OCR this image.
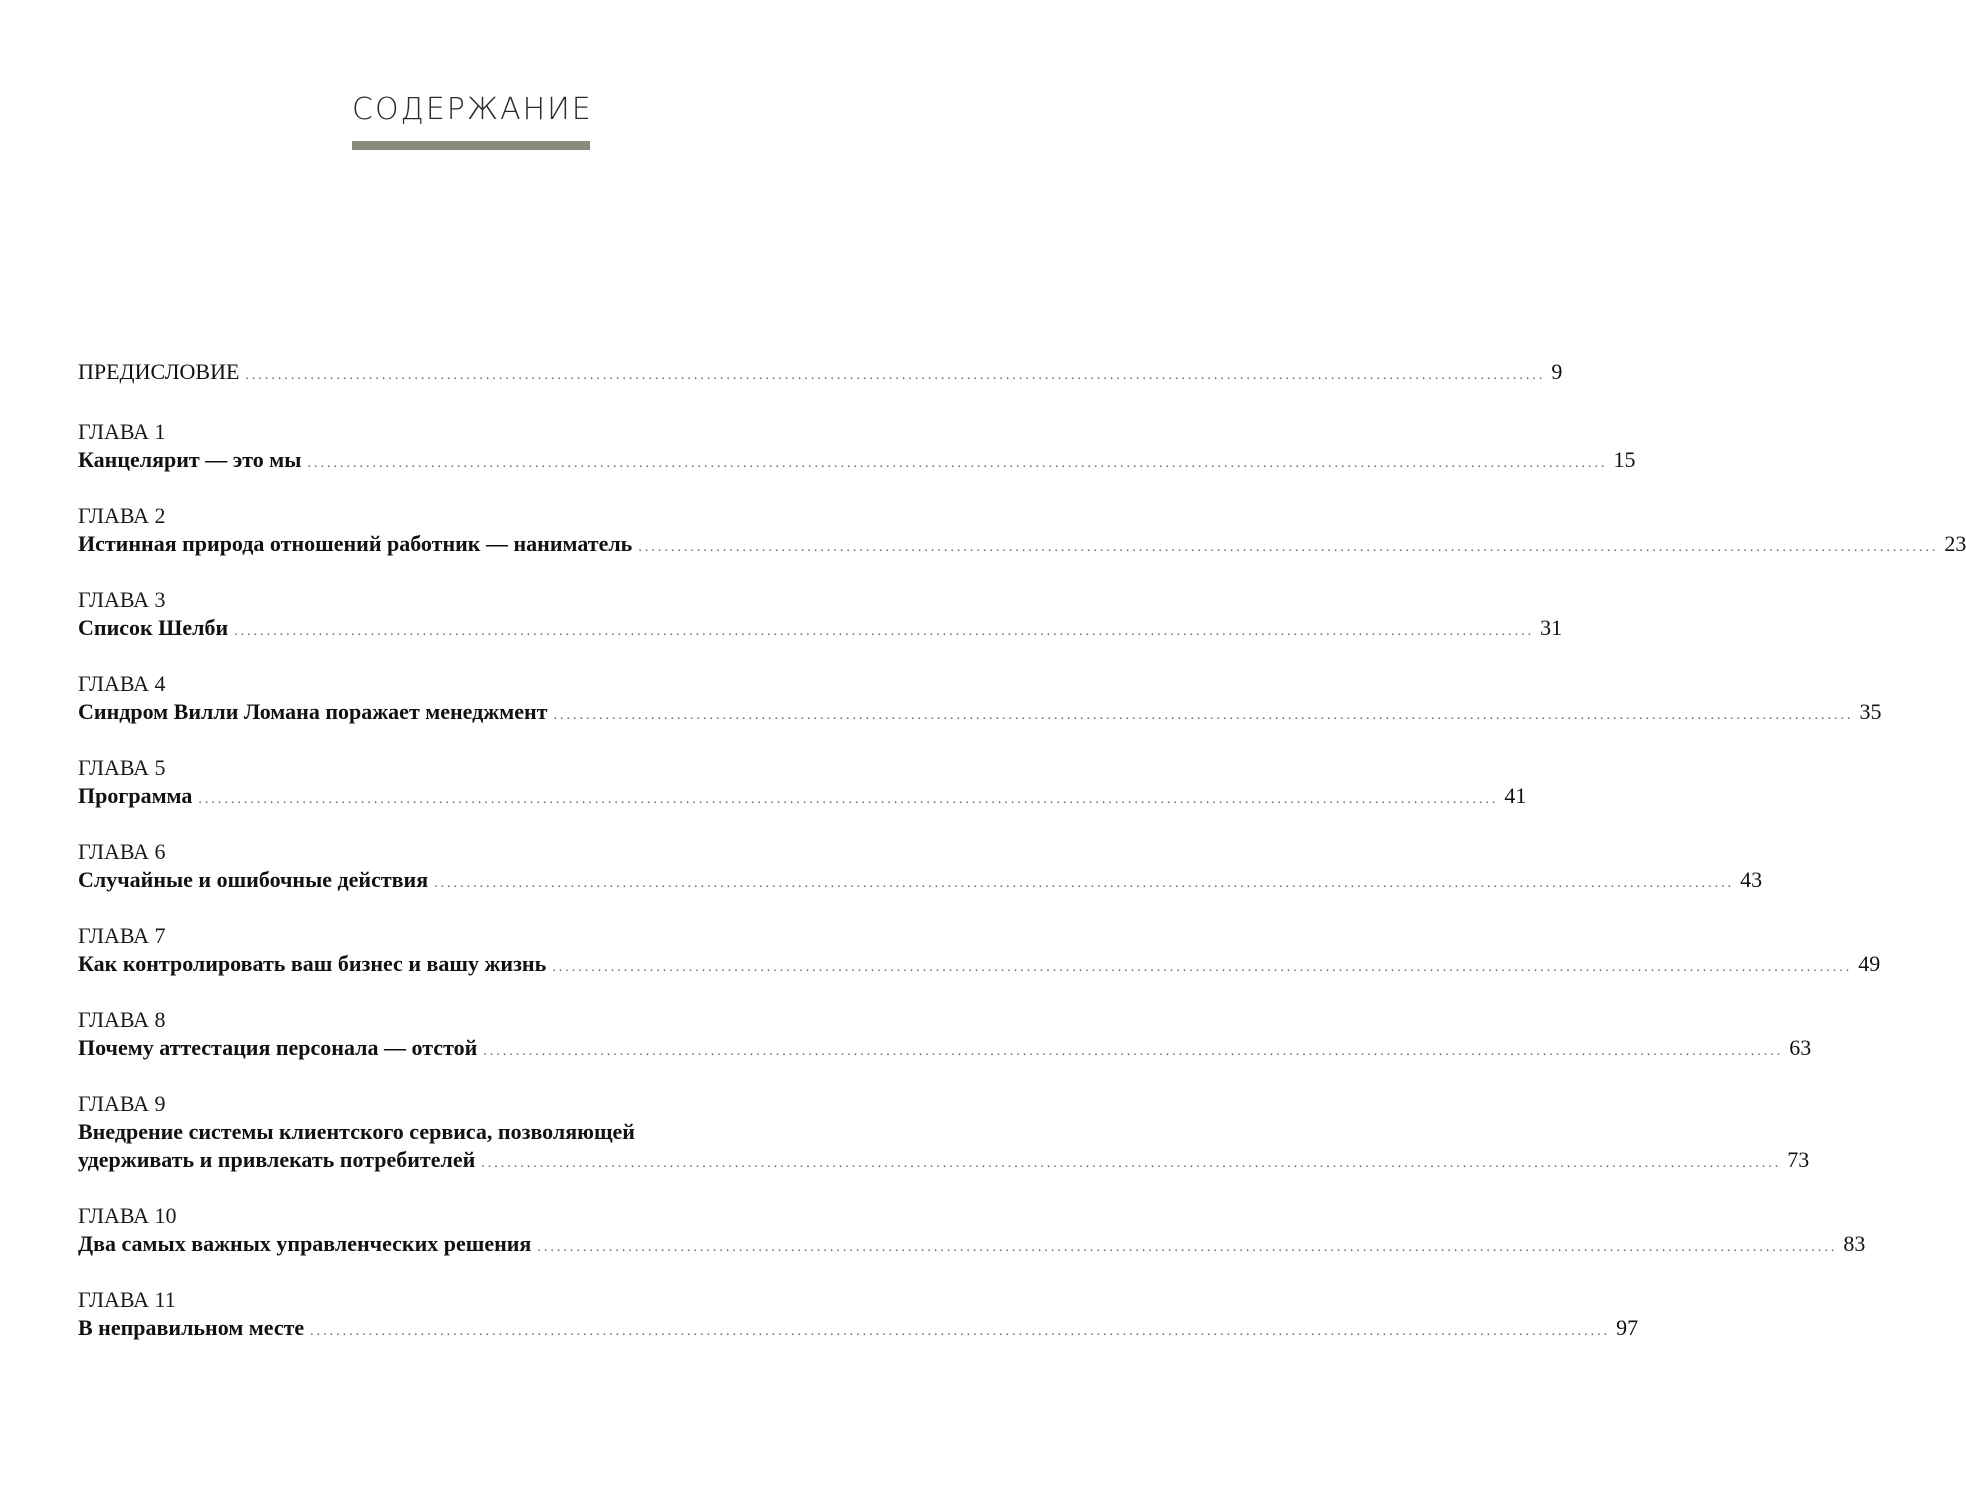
СОДЕРЖАНИЕ
ПРЕДИСЛОВИЕ ........................................................................................................................................................................................................ 9
ГЛАВА 1
Канцелярит — это мы ........................................................................................................................................................................................................ 15
ГЛАВА 2
Истинная природа отношений работник — наниматель ........................................................................................................................................................................................................ 23
ГЛАВА 3
Список Шелби ........................................................................................................................................................................................................ 31
ГЛАВА 4
Синдром Вилли Ломана поражает менеджмент ........................................................................................................................................................................................................ 35
ГЛАВА 5
Программа ........................................................................................................................................................................................................ 41
ГЛАВА 6
Случайные и ошибочные действия ........................................................................................................................................................................................................ 43
ГЛАВА 7
Как контролировать ваш бизнес и вашу жизнь ........................................................................................................................................................................................................ 49
ГЛАВА 8
Почему аттестация персонала — отстой ........................................................................................................................................................................................................ 63
ГЛАВА 9
Внедрение системы клиентского сервиса, позволяющей
удерживать и привлекать потребителей ........................................................................................................................................................................................................ 73
ГЛАВА 10
Два самых важных управленческих решения ........................................................................................................................................................................................................ 83
ГЛАВА 11
В неправильном месте ........................................................................................................................................................................................................ 97
